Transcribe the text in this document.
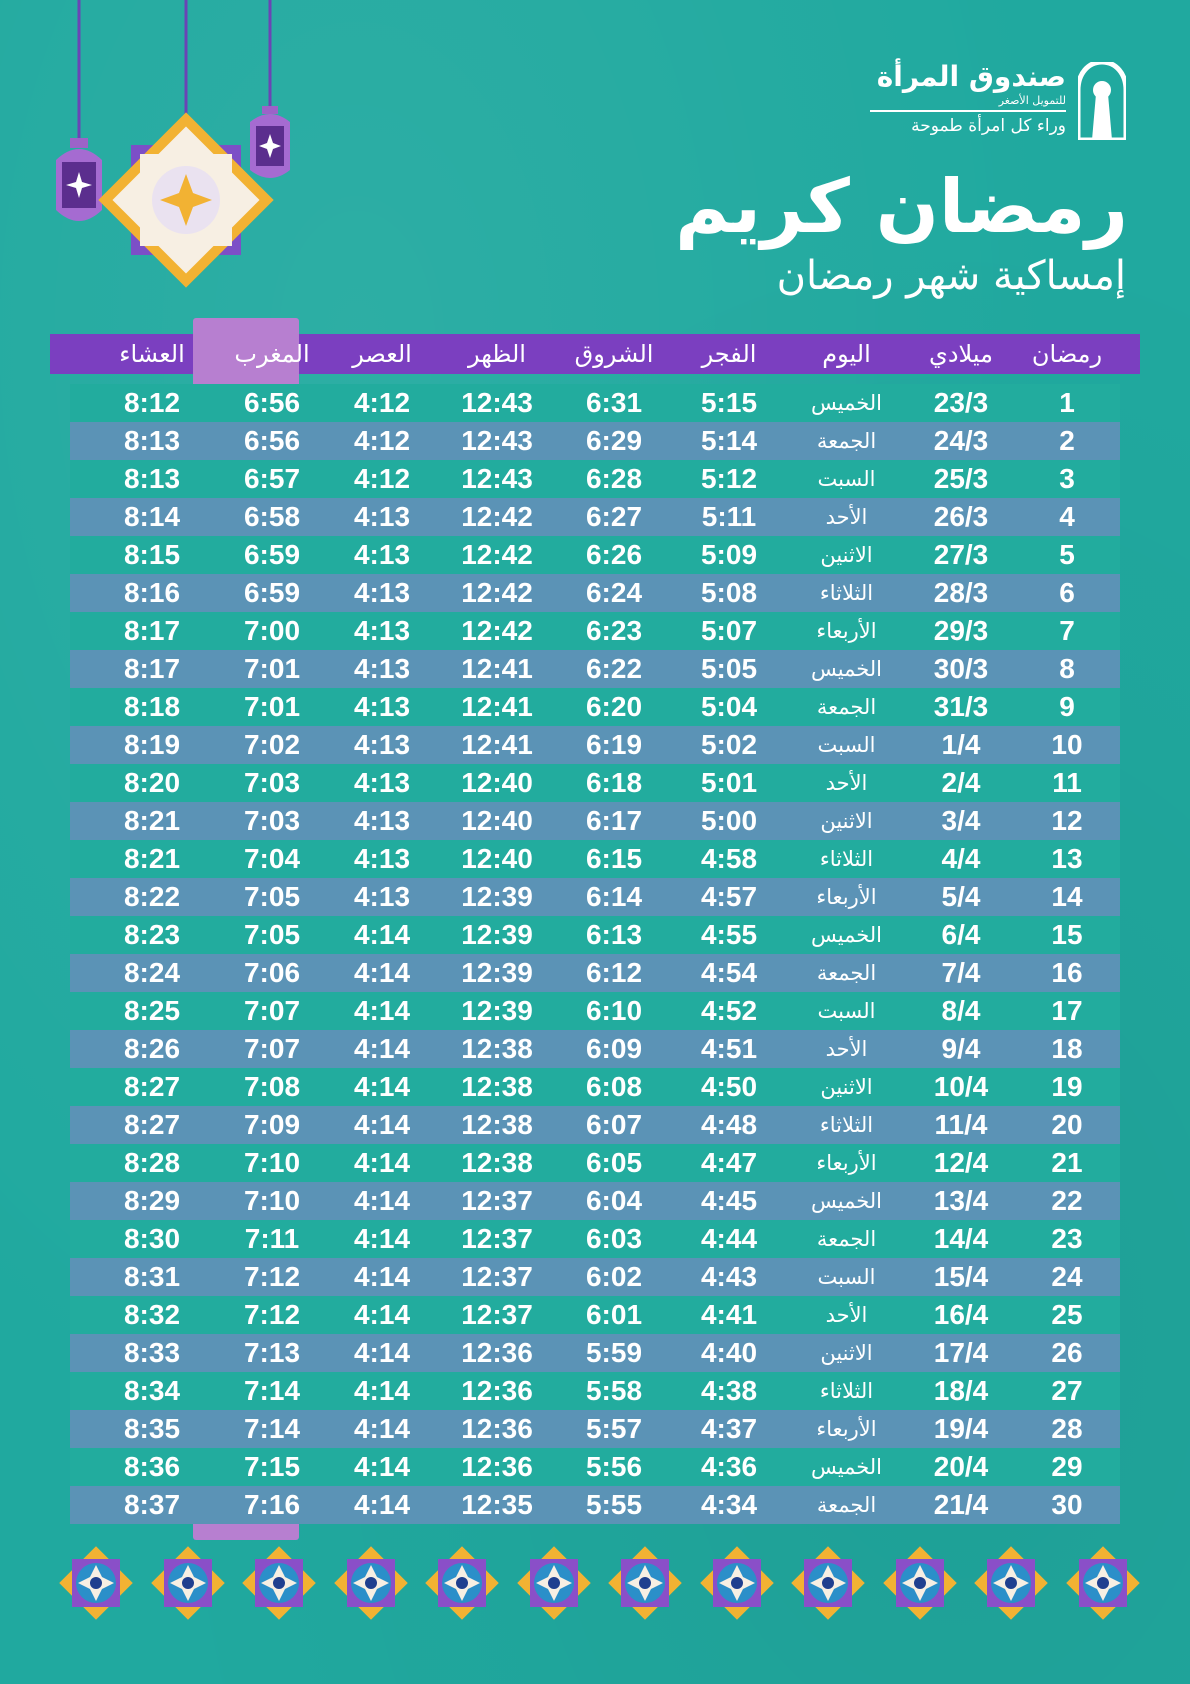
صندوق المرأة
للتمويل الأصغر
وراء كل امرأة طموحة
رمضان كريم
إمساكية شهر رمضان
رمضان
ميلادي
اليوم
الفجر
الشروق
الظهر
العصر
المغرب
العشاء
1
23/3
الخميس
5:15
6:31
12:43
4:12
6:56
8:12
2
24/3
الجمعة
5:14
6:29
12:43
4:12
6:56
8:13
3
25/3
السبت
5:12
6:28
12:43
4:12
6:57
8:13
4
26/3
الأحد
5:11
6:27
12:42
4:13
6:58
8:14
5
27/3
الاثنين
5:09
6:26
12:42
4:13
6:59
8:15
6
28/3
الثلاثاء
5:08
6:24
12:42
4:13
6:59
8:16
7
29/3
الأربعاء
5:07
6:23
12:42
4:13
7:00
8:17
8
30/3
الخميس
5:05
6:22
12:41
4:13
7:01
8:17
9
31/3
الجمعة
5:04
6:20
12:41
4:13
7:01
8:18
10
1/4
السبت
5:02
6:19
12:41
4:13
7:02
8:19
11
2/4
الأحد
5:01
6:18
12:40
4:13
7:03
8:20
12
3/4
الاثنين
5:00
6:17
12:40
4:13
7:03
8:21
13
4/4
الثلاثاء
4:58
6:15
12:40
4:13
7:04
8:21
14
5/4
الأربعاء
4:57
6:14
12:39
4:13
7:05
8:22
15
6/4
الخميس
4:55
6:13
12:39
4:14
7:05
8:23
16
7/4
الجمعة
4:54
6:12
12:39
4:14
7:06
8:24
17
8/4
السبت
4:52
6:10
12:39
4:14
7:07
8:25
18
9/4
الأحد
4:51
6:09
12:38
4:14
7:07
8:26
19
10/4
الاثنين
4:50
6:08
12:38
4:14
7:08
8:27
20
11/4
الثلاثاء
4:48
6:07
12:38
4:14
7:09
8:27
21
12/4
الأربعاء
4:47
6:05
12:38
4:14
7:10
8:28
22
13/4
الخميس
4:45
6:04
12:37
4:14
7:10
8:29
23
14/4
الجمعة
4:44
6:03
12:37
4:14
7:11
8:30
24
15/4
السبت
4:43
6:02
12:37
4:14
7:12
8:31
25
16/4
الأحد
4:41
6:01
12:37
4:14
7:12
8:32
26
17/4
الاثنين
4:40
5:59
12:36
4:14
7:13
8:33
27
18/4
الثلاثاء
4:38
5:58
12:36
4:14
7:14
8:34
28
19/4
الأربعاء
4:37
5:57
12:36
4:14
7:14
8:35
29
20/4
الخميس
4:36
5:56
12:36
4:14
7:15
8:36
30
21/4
الجمعة
4:34
5:55
12:35
4:14
7:16
8:37
